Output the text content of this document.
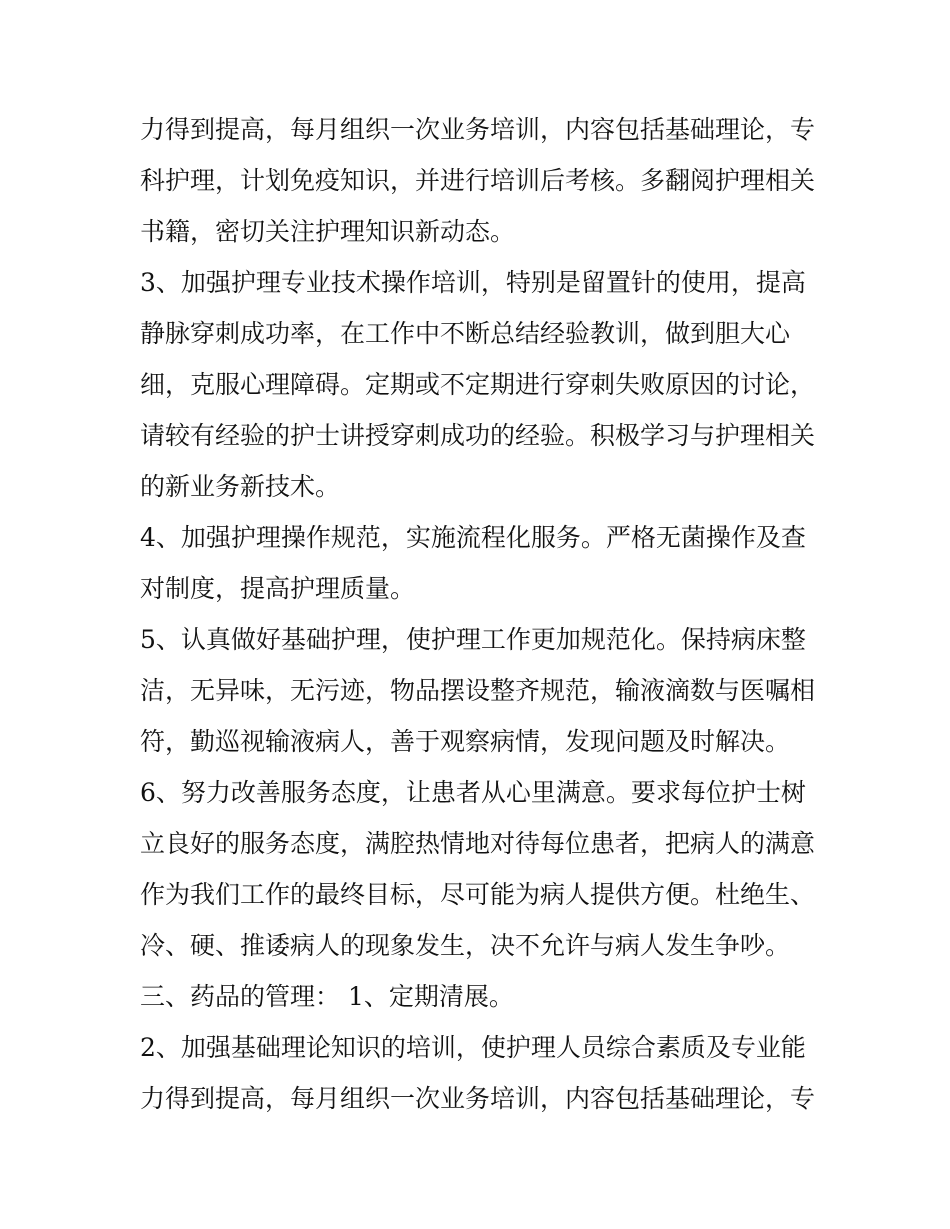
力得到提高，每月组织一次业务培训，内容包括基础理论，专
科护理，计划免疫知识，并进行培训后考核。多翻阅护理相关
书籍，密切关注护理知识新动态。
3、加强护理专业技术操作培训，特别是留置针的使用，提高
静脉穿刺成功率，在工作中不断总结经验教训，做到胆大心
细，克服心理障碍。定期或不定期进行穿刺失败原因的讨论，
请较有经验的护士讲授穿刺成功的经验。积极学习与护理相关
的新业务新技术。
4、加强护理操作规范，实施流程化服务。严格无菌操作及查
对制度，提高护理质量。
5、认真做好基础护理，使护理工作更加规范化。保持病床整
洁，无异味，无污迹，物品摆设整齐规范，输液滴数与医嘱相
符，勤巡视输液病人，善于观察病情，发现问题及时解决。
6、努力改善服务态度，让患者从心里满意。要求每位护士树
立良好的服务态度，满腔热情地对待每位患者，把病人的满意
作为我们工作的最终目标，尽可能为病人提供方便。杜绝生、
冷、硬、推诿病人的现象发生，决不允许与病人发生争吵。
三、药品的管理： 1、定期清展。
2、加强基础理论知识的培训，使护理人员综合素质及专业能
力得到提高，每月组织一次业务培训，内容包括基础理论，专
